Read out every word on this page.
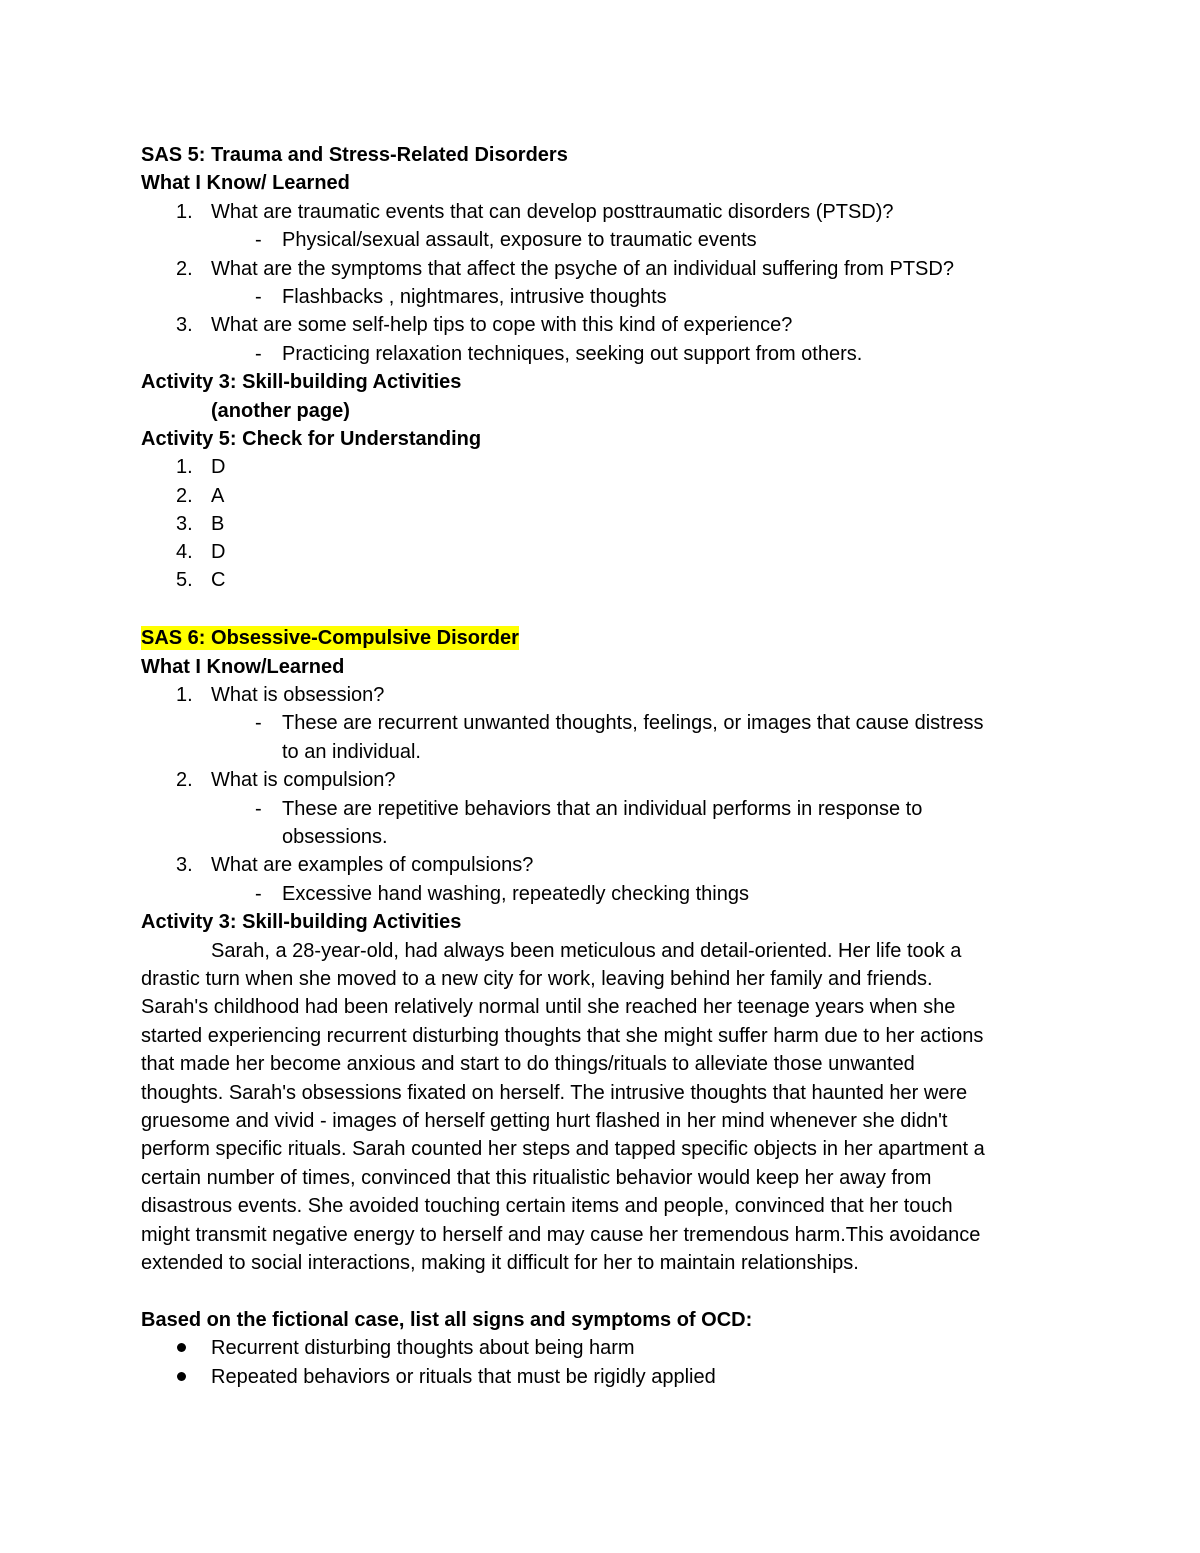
SAS 5: Trauma and Stress-Related Disorders
What I Know/ Learned
1. What are traumatic events that can develop posttraumatic disorders (PTSD)?
- Physical/sexual assault, exposure to traumatic events
2. What are the symptoms that affect the psyche of an individual suffering from PTSD?
- Flashbacks , nightmares, intrusive thoughts
3. What are some self-help tips to cope with this kind of experience?
- Practicing relaxation techniques, seeking out support from others.
Activity 3: Skill-building Activities
(another page)
Activity 5: Check for Understanding
1. D
2. A
3. B
4. D
5. C
SAS 6: Obsessive-Compulsive Disorder
What I Know/Learned
1. What is obsession?
- These are recurrent unwanted thoughts, feelings, or images that cause distress
to an individual.
2. What is compulsion?
- These are repetitive behaviors that an individual performs in response to
obsessions.
3. What are examples of compulsions?
- Excessive hand washing, repeatedly checking things
Activity 3: Skill-building Activities
Sarah, a 28-year-old, had always been meticulous and detail-oriented. Her life took a
drastic turn when she moved to a new city for work, leaving behind her family and friends.
Sarah's childhood had been relatively normal until she reached her teenage years when she
started experiencing recurrent disturbing thoughts that she might suffer harm due to her actions
that made her become anxious and start to do things/rituals to alleviate those unwanted
thoughts. Sarah's obsessions fixated on herself. The intrusive thoughts that haunted her were
gruesome and vivid - images of herself getting hurt flashed in her mind whenever she didn't
perform specific rituals. Sarah counted her steps and tapped specific objects in her apartment a
certain number of times, convinced that this ritualistic behavior would keep her away from
disastrous events. She avoided touching certain items and people, convinced that her touch
might transmit negative energy to herself and may cause her tremendous harm.This avoidance
extended to social interactions, making it difficult for her to maintain relationships.
Based on the fictional case, list all signs and symptoms of OCD:
Recurrent disturbing thoughts about being harm
Repeated behaviors or rituals that must be rigidly applied
